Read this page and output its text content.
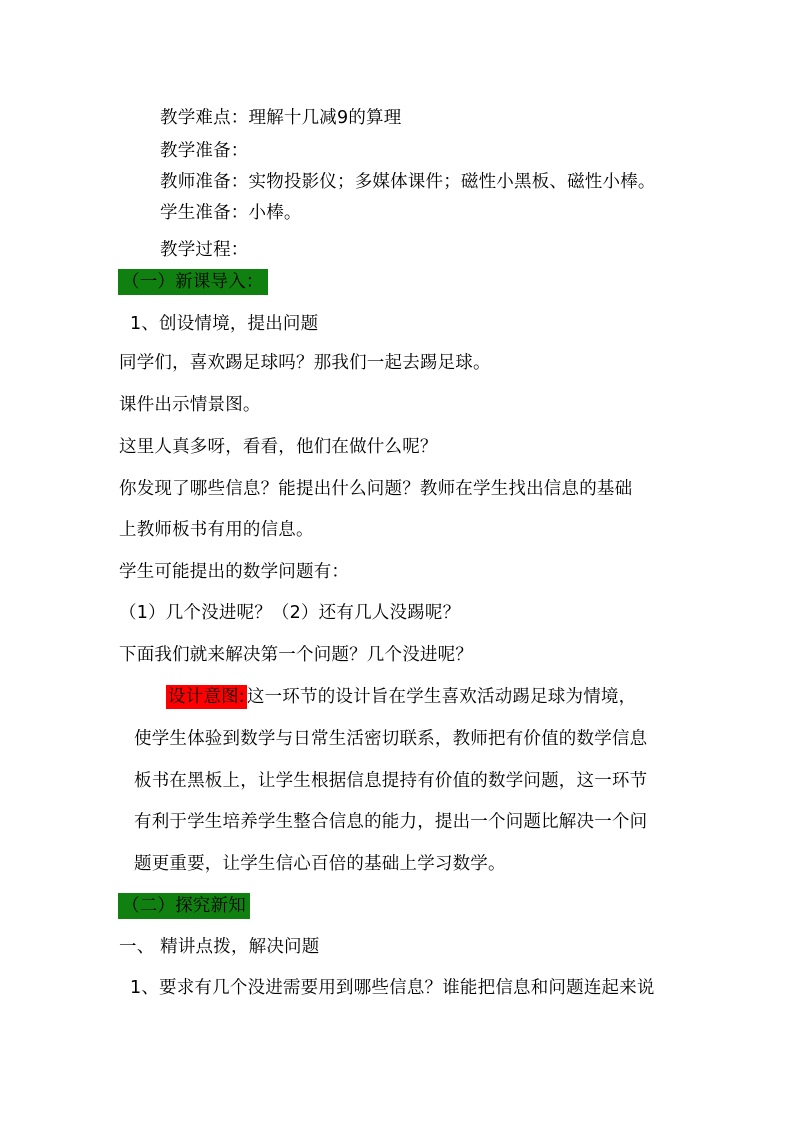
教学难点：理解十几减9的算理
教学准备：
教师准备：实物投影仪；多媒体课件；磁性小黑板、磁性小棒。
学生准备：小棒。
教学过程：
（一）新课导入：
1、创设情境，提出问题
同学们，喜欢踢足球吗？那我们一起去踢足球。
课件出示情景图。
这里人真多呀，看看，他们在做什么呢？
你发现了哪些信息？能提出什么问题？教师在学生找出信息的基础
上教师板书有用的信息。
学生可能提出的数学问题有：
（1）几个没进呢？（2）还有几人没踢呢？
下面我们就来解决第一个问题？几个没进呢？
设计意图: 这一环节的设计旨在学生喜欢活动踢足球为情境，
使学生体验到数学与日常生活密切联系，教师把有价值的数学信息
板书在黑板上，让学生根据信息提持有价值的数学问题，这一环节
有利于学生培养学生整合信息的能力，提出一个问题比解决一个问
题更重要，让学生信心百倍的基础上学习数学。
（二）探究新知
一、 精讲点拨，解决问题
1、要求有几个没进需要用到哪些信息？谁能把信息和问题连起来说
